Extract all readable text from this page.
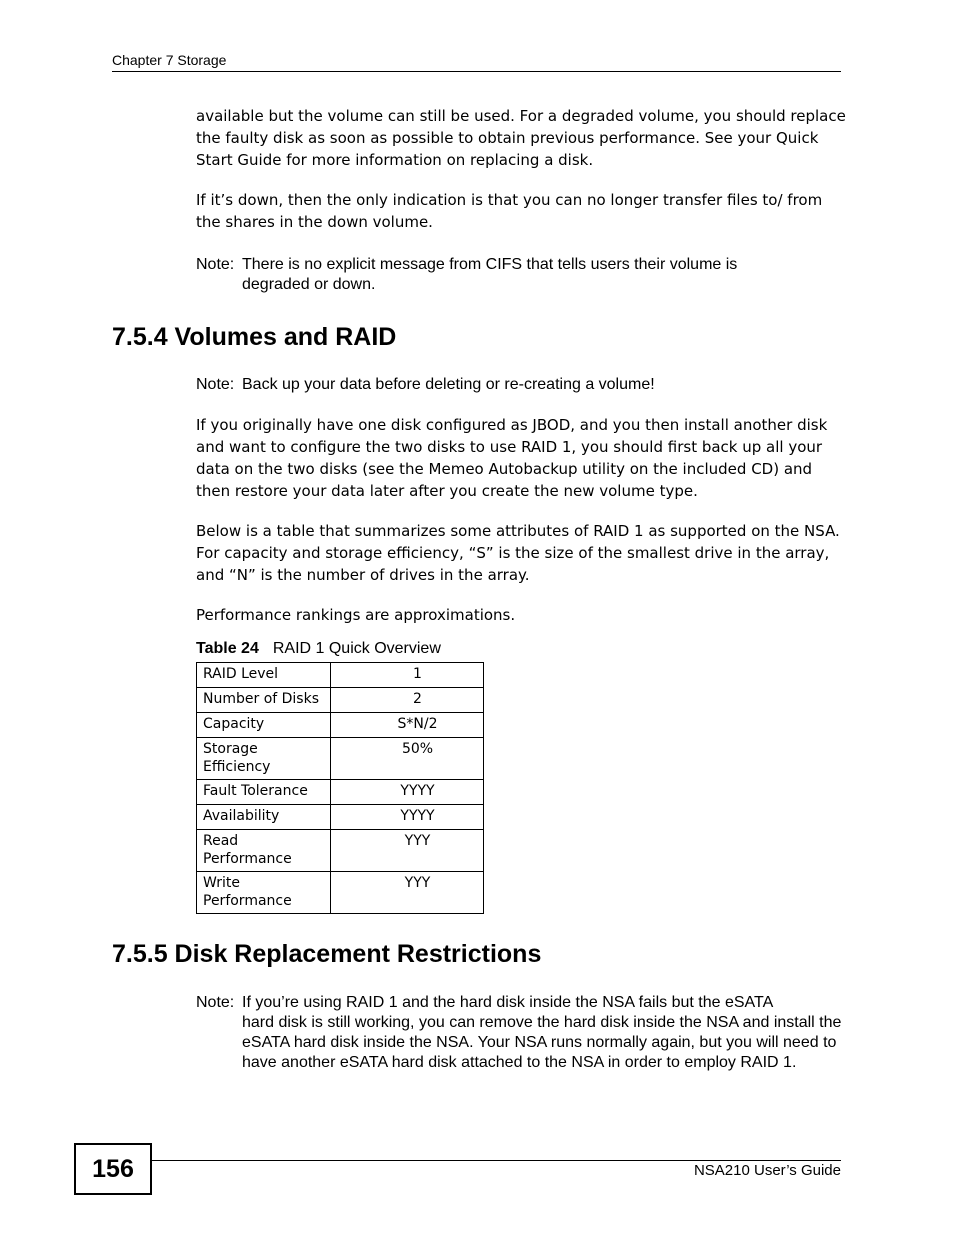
Chapter 7 Storage

available but the volume can still be used. For a degraded volume, you should replace the faulty disk as soon as possible to obtain previous performance. See your Quick Start Guide for more information on replacing a disk.

If it’s down, then the only indication is that you can no longer transfer files to/ from the shares in the down volume.

Note: There is no explicit message from CIFS that tells users their volume is
degraded or down.
7.5.4 Volumes and RAID
Note: Back up your data before deleting or re-creating a volume!

If you originally have one disk configured as JBOD, and you then install another disk and want to configure the two disks to use RAID 1, you should first back up all your data on the two disks (see the Memeo Autobackup utility on the included CD) and then restore your data later after you create the new volume type.

Below is a table that summarizes some attributes of RAID 1 as supported on the NSA. For capacity and storage efficiency, “S” is the size of the smallest drive in the array, and “N” is the number of drives in the array.

Performance rankings are approximations.

Table 24 RAID 1 Quick Overview
RAID Level	1
Number of Disks	2
Capacity	S*N/2
Storage Efficiency	50%
Fault Tolerance	YYYY
Availability	YYYY
Read Performance	YYY
Write Performance	YYY
7.5.5 Disk Replacement Restrictions
Note: If you’re using RAID 1 and the hard disk inside the NSA fails but the eSATA
hard disk is still working, you can remove the hard disk inside the NSA and install the eSATA hard disk inside the NSA. Your NSA runs normally again, but you will need to have another eSATA hard disk attached to the NSA in order to employ RAID 1.
156	NSA210 User’s Guide
